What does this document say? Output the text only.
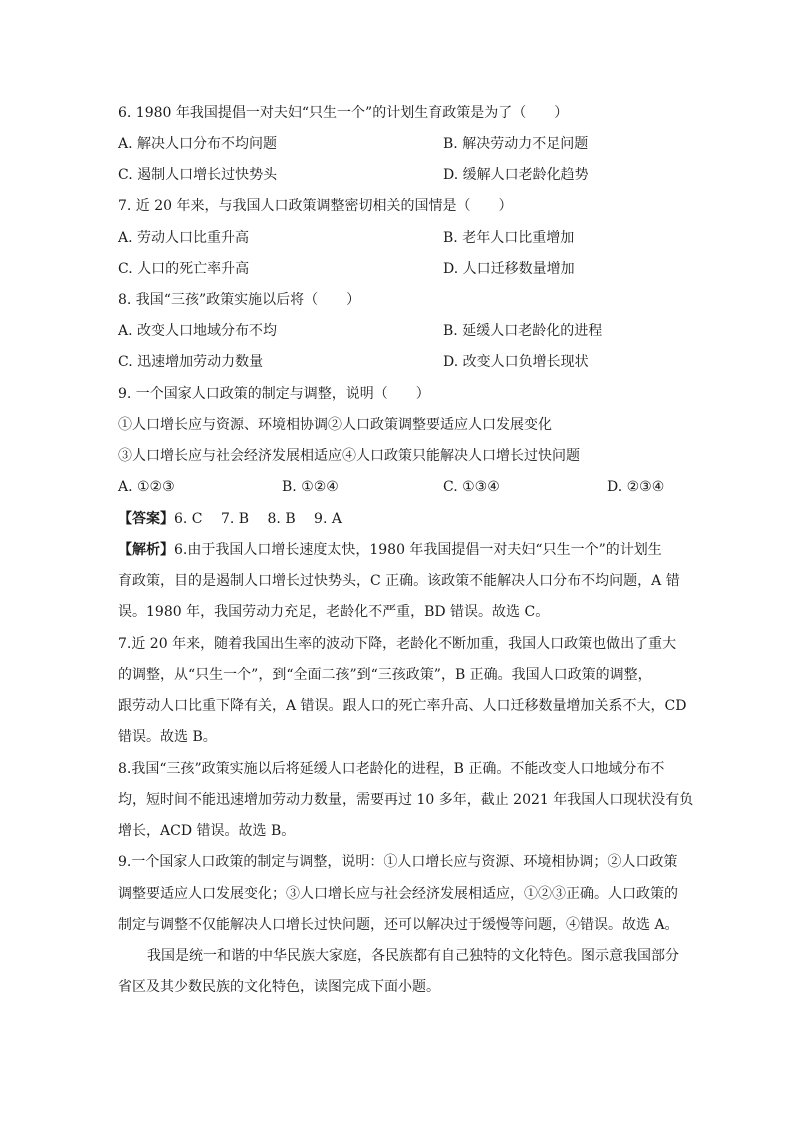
6. 1980 年我国提倡一对夫妇“只生一个”的计划生育政策是为了（　　）
A. 解决人口分布不均问题	B. 解决劳动力不足问题
C. 遏制人口增长过快势头	D. 缓解人口老龄化趋势
7. 近 20 年来，与我国人口政策调整密切相关的国情是（　　）
A. 劳动人口比重升高	B. 老年人口比重增加
C. 人口的死亡率升高	D. 人口迁移数量增加
8. 我国“三孩”政策实施以后将（　　）
A. 改变人口地域分布不均	B. 延缓人口老龄化的进程
C. 迅速增加劳动力数量	D. 改变人口负增长现状
9. 一个国家人口政策的制定与调整，说明（　　）
①人口增长应与资源、环境相协调②人口政策调整要适应人口发展变化
③人口增长应与社会经济发展相适应④人口政策只能解决人口增长过快问题
A. ①②③	B. ①②④	C. ①③④	D. ②③④
【答案】6. C　 7. B　 8. B　 9. A
【解析】6.由于我国人口增长速度太快，1980 年我国提倡一对夫妇“只生一个”的计划生
育政策，目的是遏制人口增长过快势头，C 正确。该政策不能解决人口分布不均问题，A 错
误。1980 年，我国劳动力充足，老龄化不严重，BD 错误。故选 C。
7.近 20 年来，随着我国出生率的波动下降，老龄化不断加重，我国人口政策也做出了重大
的调整，从“只生一个”，到“全面二孩”到“三孩政策”，B 正确。我国人口政策的调整，
跟劳动人口比重下降有关，A 错误。跟人口的死亡率升高、人口迁移数量增加关系不大，CD
错误。故选 B。
8.我国“三孩”政策实施以后将延缓人口老龄化的进程，B 正确。不能改变人口地域分布不
均，短时间不能迅速增加劳动力数量，需要再过 10 多年，截止 2021 年我国人口现状没有负
增长，ACD 错误。故选 B。
9.一个国家人口政策的制定与调整，说明：①人口增长应与资源、环境相协调；②人口政策
调整要适应人口发展变化；③人口增长应与社会经济发展相适应，①②③正确。人口政策的
制定与调整不仅能解决人口增长过快问题，还可以解决过于缓慢等问题，④错误。故选 A。
我国是统一和谐的中华民族大家庭，各民族都有自己独特的文化特色。图示意我国部分
省区及其少数民族的文化特色，读图完成下面小题。
